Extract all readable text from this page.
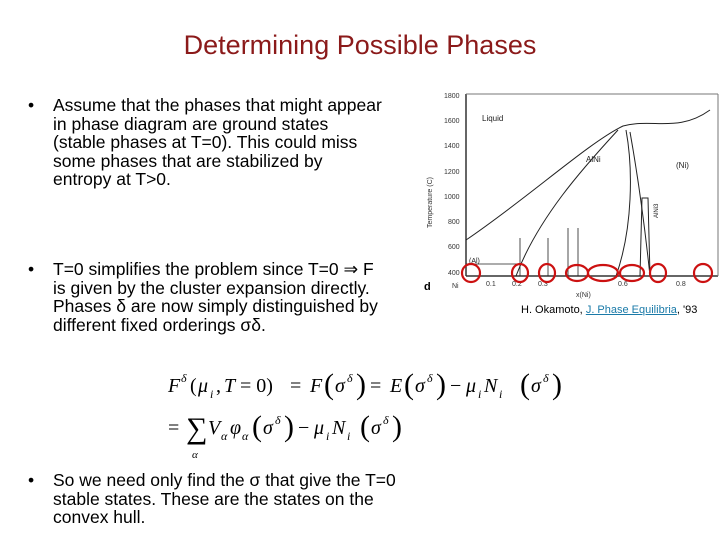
Determining Possible Phases
• Assume that the phases that might appear in phase diagram are ground states (stable phases at T=0). This could miss some phases that are stabilized by entropy at T>0.
• T=0 simplifies the problem since T=0 ⇒ F is given by the cluster expansion directly. Phases δ are now simply distinguished by different fixed orderings σδ.
• So we need only find the σ that give the T=0 stable states. These are the states on the convex hull.
F δ ( μ i , T = 0) = F ( σ δ ) = E ( σ δ ) − μ i N i ( σ δ )
= ∑
α
V α φ α ( σ δ ) − μ i N i ( σ δ )
1800
1600
1400
1200
1000
800
600
400
Temperature (C)
Liquid
AlNi
(Ni)
(Al)
AlNi3
Ni	0.1 0.2 0.3	0.6	0.8
x(Ni)
d
H. Okamoto, J. Phase Equilibria, '93
